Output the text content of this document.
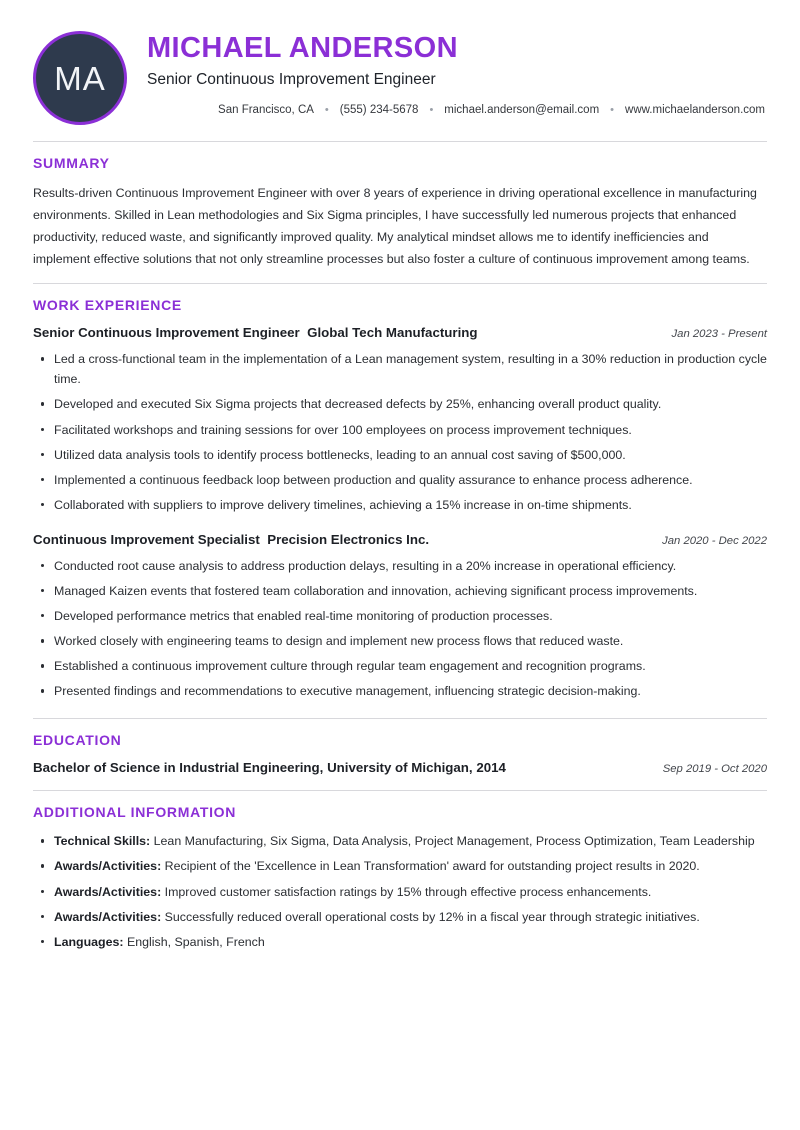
MA
MICHAEL ANDERSON
Senior Continuous Improvement Engineer
San Francisco, CA • (555) 234-5678 • michael.anderson@email.com • www.michaelanderson.com
SUMMARY

Results-driven Continuous Improvement Engineer with over 8 years of experience in driving operational excellence in manufacturing environments. Skilled in Lean methodologies and Six Sigma principles, I have successfully led numerous projects that enhanced productivity, reduced waste, and significantly improved quality. My analytical mindset allows me to identify inefficiencies and implement effective solutions that not only streamline processes but also foster a culture of continuous improvement among teams.

WORK EXPERIENCE
Senior Continuous Improvement Engineer Global Tech Manufacturing	Jan 2023 - Present
Led a cross-functional team in the implementation of a Lean management system, resulting in a 30% reduction in production cycle time.
Developed and executed Six Sigma projects that decreased defects by 25%, enhancing overall product quality.
Facilitated workshops and training sessions for over 100 employees on process improvement techniques.
Utilized data analysis tools to identify process bottlenecks, leading to an annual cost saving of $500,000.
Implemented a continuous feedback loop between production and quality assurance to enhance process adherence.
Collaborated with suppliers to improve delivery timelines, achieving a 15% increase in on-time shipments.
Continuous Improvement Specialist Precision Electronics Inc.	Jan 2020 - Dec 2022
Conducted root cause analysis to address production delays, resulting in a 20% increase in operational efficiency.
Managed Kaizen events that fostered team collaboration and innovation, achieving significant process improvements.
Developed performance metrics that enabled real-time monitoring of production processes.
Worked closely with engineering teams to design and implement new process flows that reduced waste.
Established a continuous improvement culture through regular team engagement and recognition programs.
Presented findings and recommendations to executive management, influencing strategic decision-making.
EDUCATION
Bachelor of Science in Industrial Engineering, University of Michigan, 2014	Sep 2019 - Oct 2020
ADDITIONAL INFORMATION
Technical Skills: Lean Manufacturing, Six Sigma, Data Analysis, Project Management, Process Optimization, Team Leadership
Awards/Activities: Recipient of the 'Excellence in Lean Transformation' award for outstanding project results in 2020.
Awards/Activities: Improved customer satisfaction ratings by 15% through effective process enhancements.
Awards/Activities: Successfully reduced overall operational costs by 12% in a fiscal year through strategic initiatives.
Languages: English, Spanish, French
